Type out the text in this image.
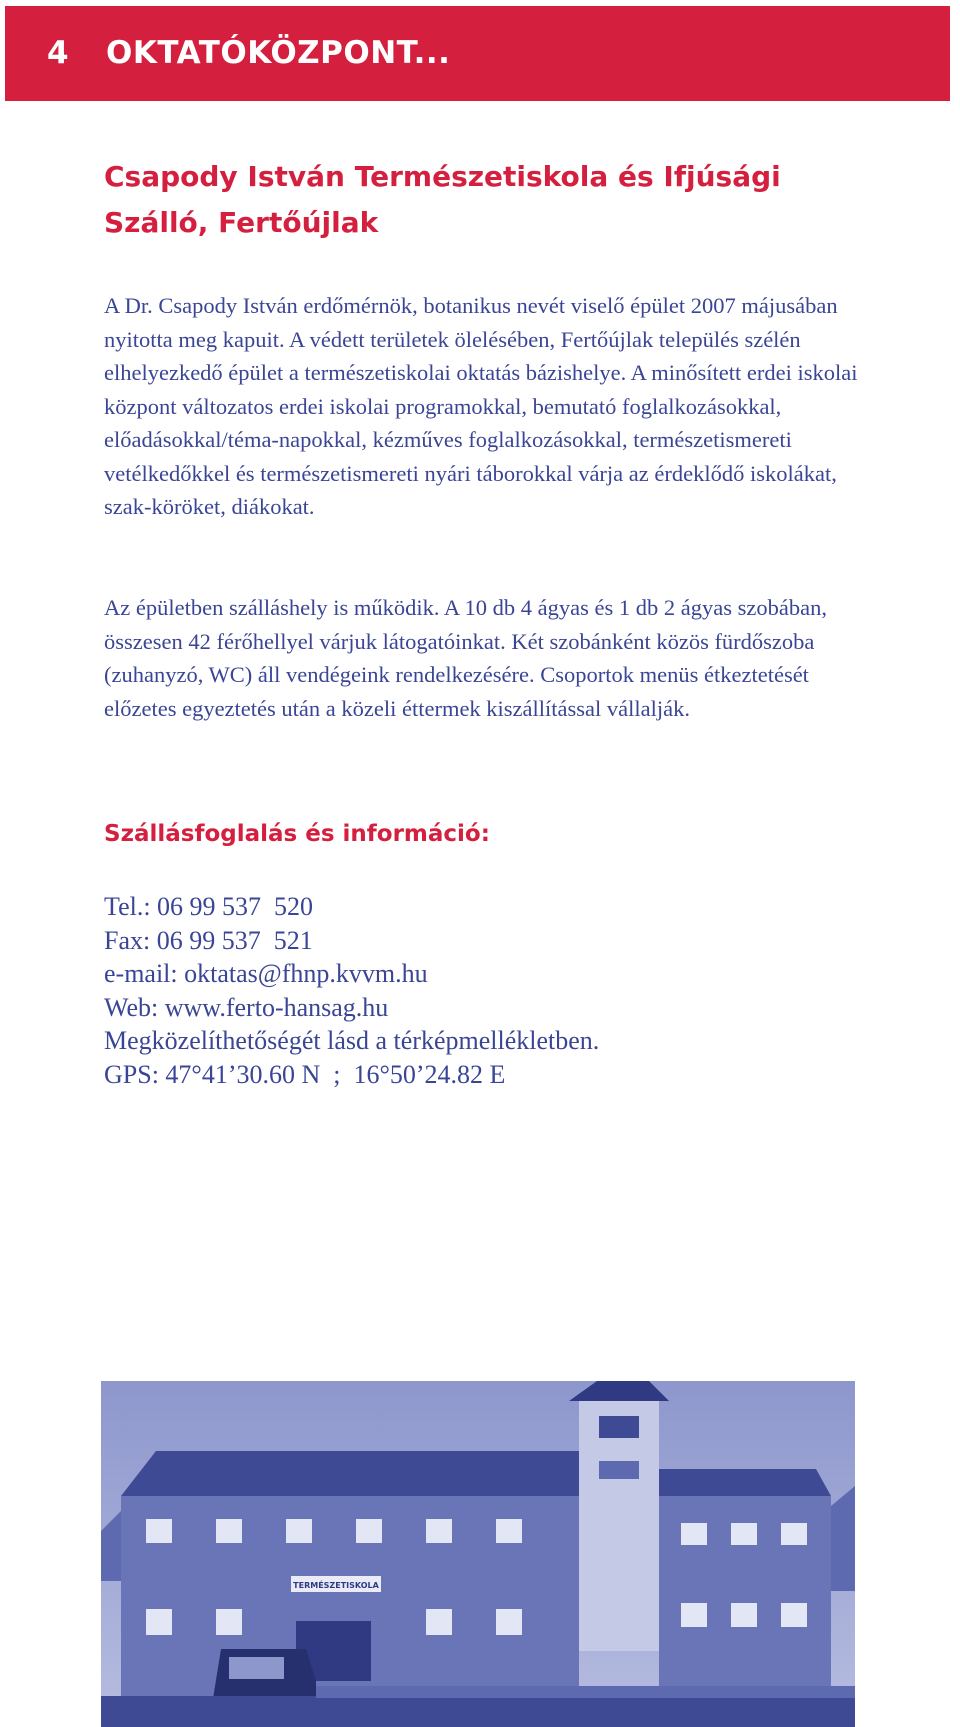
4 OKTATÓKÖZPONT...
Csapody István Természetiskola és Ifjúsági Szálló, Fertőújlak

A Dr. Csapody István erdőmérnök, botanikus nevét viselő épület 2007 májusában nyitotta meg kapuit. A védett területek ölelésében, Fertőújlak település szélén elhelyezkedő épület a természetiskolai oktatás bázishelye. A minősített erdei iskolai központ változatos erdei iskolai programokkal, bemutató foglalkozásokkal, előadásokkal/téma-napokkal, kézműves foglalkozásokkal, természetismereti vetélkedőkkel és természetismereti nyári táborokkal várja az érdeklődő iskolákat, szak-köröket, diákokat.

Az épületben szálláshely is működik. A 10 db 4 ágyas és 1 db 2 ágyas szobában, összesen 42 férőhellyel várjuk látogatóinkat. Két szobánként közös fürdőszoba (zuhanyzó, WC) áll vendégeink rendelkezésére. Csoportok menüs étkeztetését előzetes egyeztetés után a közeli éttermek kiszállítással vállalják.

Szállásfoglalás és információ:
Tel.: 06 99 537  520
Fax: 06 99 537  521
e-mail: oktatas@fhnp.kvvm.hu
Web: www.ferto-hansag.hu
Megközelíthetőségét lásd a térképmellékletben.
GPS: 47°41’30.60 N  ;  16°50’24.82 E
TERMÉSZETISKOLA
